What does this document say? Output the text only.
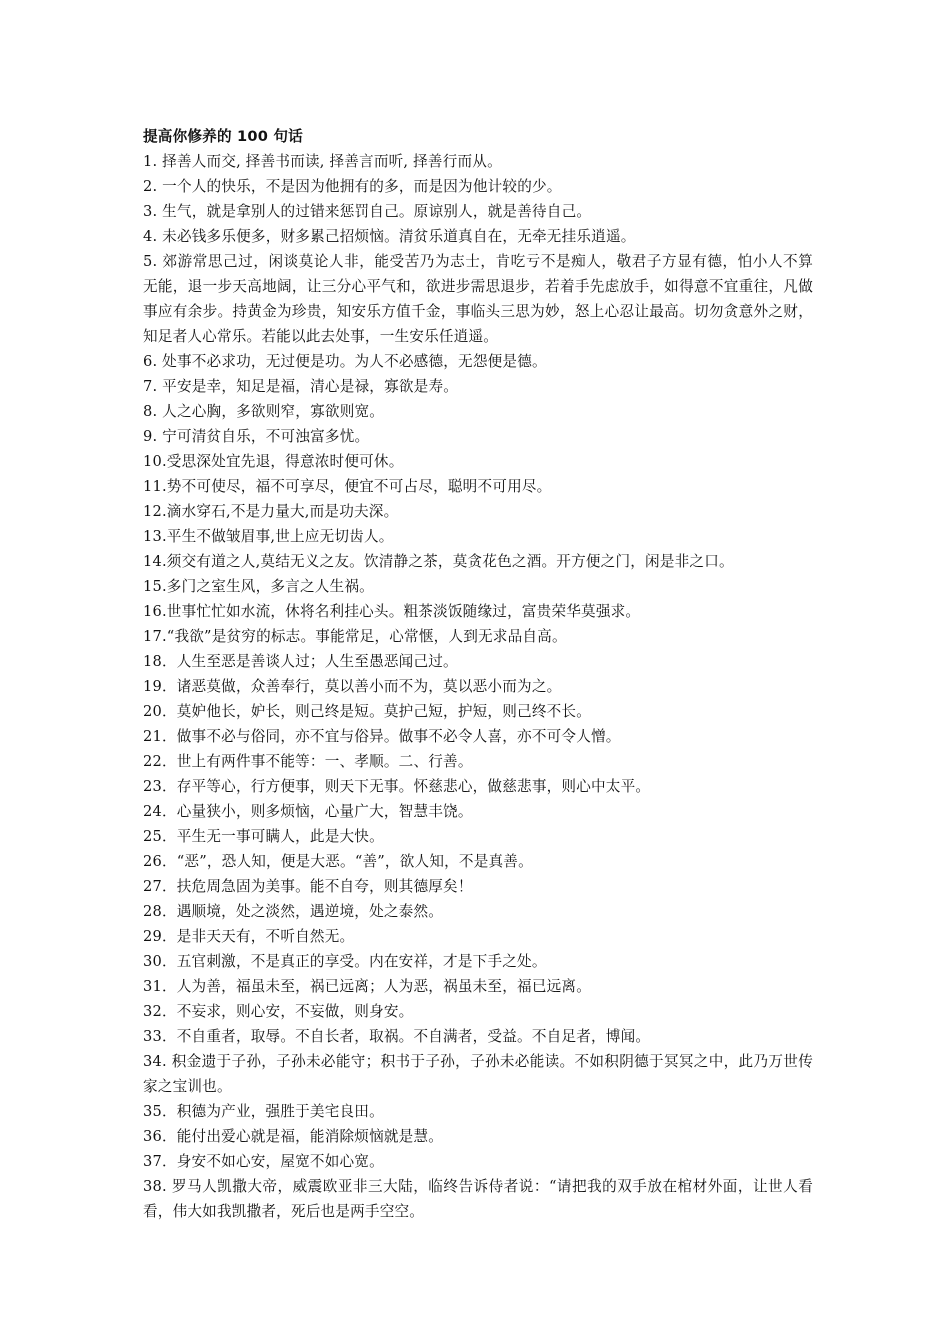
提高你修养的 100 句话

1. 择善人而交, 择善书而读, 择善言而听, 择善行而从。

2. 一个人的快乐，不是因为他拥有的多，而是因为他计较的少。

3. 生气，就是拿别人的过错来惩罚自己。原谅别人，就是善待自己。

4. 未必钱多乐便多，财多累己招烦恼。清贫乐道真自在，无牵无挂乐逍遥。

5. 郊游常思己过，闲谈莫论人非，能受苦乃为志士，肯吃亏不是痴人，敬君子方显有德，怕小人不算无能，退一步天高地阔，让三分心平气和，欲进步需思退步，若着手先虑放手，如得意不宜重往，凡做事应有余步。持黄金为珍贵，知安乐方值千金，事临头三思为妙，怒上心忍让最高。切勿贪意外之财，知足者人心常乐。若能以此去处事，一生安乐任逍遥。

6. 处事不必求功，无过便是功。为人不必感德，无怨便是德。

7. 平安是幸，知足是福，清心是禄，寡欲是寿。

8. 人之心胸，多欲则窄，寡欲则宽。

9. 宁可清贫自乐，不可浊富多忧。

10.受思深处宜先退，得意浓时便可休。

11.势不可使尽，福不可享尽，便宜不可占尽，聪明不可用尽。

12.滴水穿石,不是力量大,而是功夫深。

13.平生不做皱眉事,世上应无切齿人。

14.须交有道之人,莫结无义之友。饮清静之茶，莫贪花色之酒。开方便之门，闲是非之口。

15.多门之室生风，多言之人生祸。

16.世事忙忙如水流，休将名利挂心头。粗茶淡饭随缘过，富贵荣华莫强求。

17.“我欲”是贫穷的标志。事能常足，心常惬，人到无求品自高。

18．人生至恶是善谈人过；人生至愚恶闻己过。

19．诸恶莫做，众善奉行，莫以善小而不为，莫以恶小而为之。

20．莫妒他长，妒长，则己终是短。莫护己短，护短，则己终不长。

21．做事不必与俗同，亦不宜与俗异。做事不必令人喜，亦不可令人憎。

22．世上有两件事不能等：一、孝顺。二、行善。

23．存平等心，行方便事，则天下无事。怀慈悲心，做慈悲事，则心中太平。

24．心量狭小，则多烦恼，心量广大，智慧丰饶。

25．平生无一事可瞒人，此是大快。

26．“恶”，恐人知，便是大恶。“善”，欲人知，不是真善。

27．扶危周急固为美事。能不自夸，则其德厚矣！

28．遇顺境，处之淡然，遇逆境，处之泰然。

29．是非天天有，不听自然无。

30．五官刺激，不是真正的享受。内在安祥，才是下手之处。

31．人为善，福虽未至，祸已远离；人为恶，祸虽未至，福已远离。

32．不妄求，则心安，不妄做，则身安。

33．不自重者，取辱。不自长者，取祸。不自满者，受益。不自足者，博闻。

34. 积金遗于子孙，子孙未必能守；积书于子孙，子孙未必能读。不如积阴德于冥冥之中，此乃万世传家之宝训也。

35．积德为产业，强胜于美宅良田。

36．能付出爱心就是福，能消除烦恼就是慧。

37．身安不如心安，屋宽不如心宽。

38. 罗马人凯撒大帝，威震欧亚非三大陆，临终告诉侍者说：“请把我的双手放在棺材外面，让世人看看，伟大如我凯撒者，死后也是两手空空。
